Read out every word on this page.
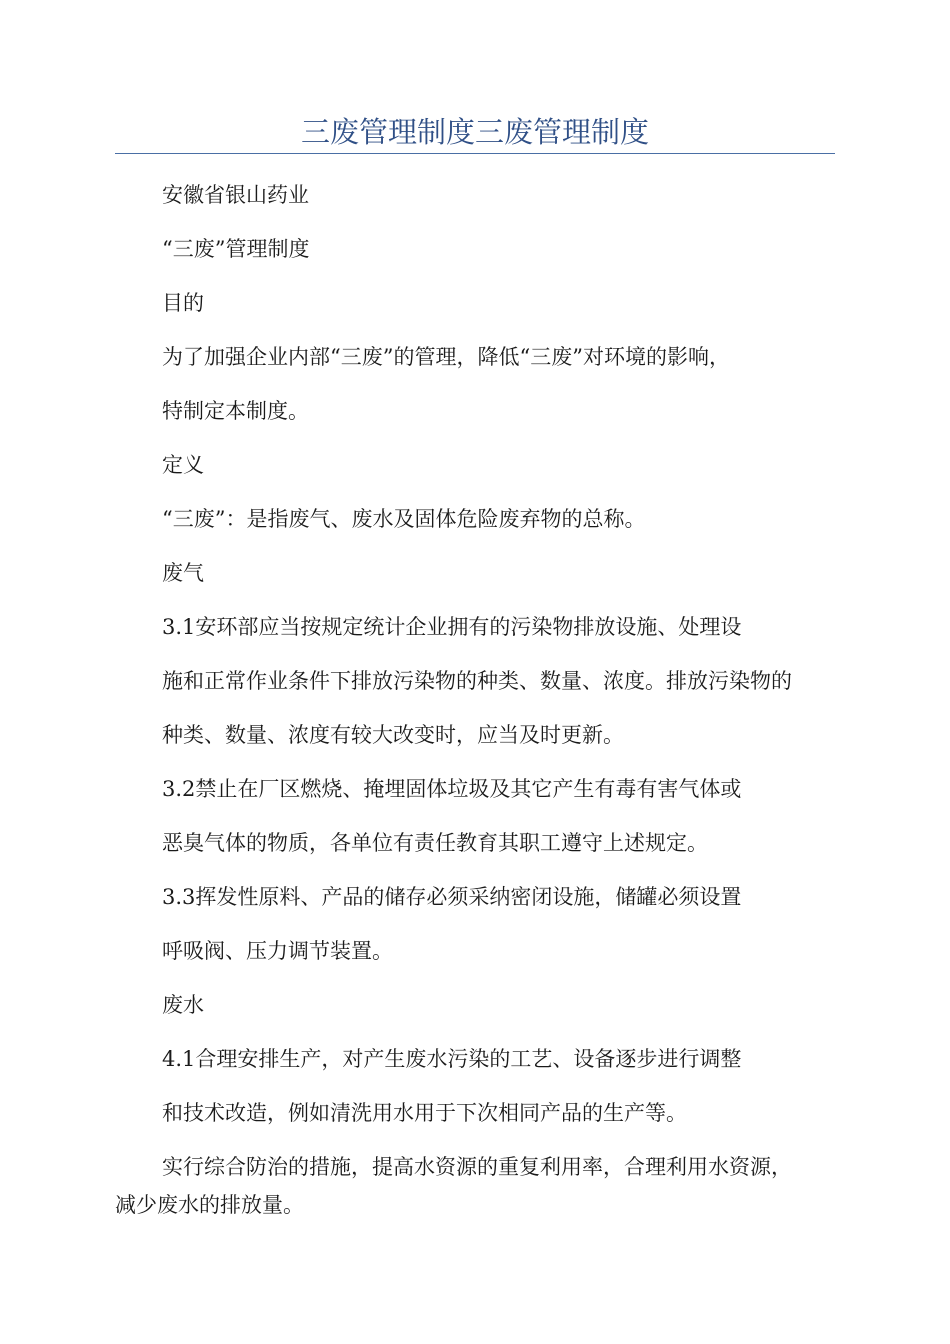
三废管理制度三废管理制度

安徽省银山药业

“三废”管理制度

目的

为了加强企业内部“三废”的管理，降低“三废”对环境的影响，

特制定本制度。

定义

“三废”：是指废气、废水及固体危险废弃物的总称。

废气

3.1安环部应当按规定统计企业拥有的污染物排放设施、处理设

施和正常作业条件下排放污染物的种类、数量、浓度。排放污染物的

种类、数量、浓度有较大改变时，应当及时更新。

3.2禁止在厂区燃烧、掩埋固体垃圾及其它产生有毒有害气体或

恶臭气体的物质，各单位有责任教育其职工遵守上述规定。

3.3挥发性原料、产品的储存必须采纳密闭设施，储罐必须设置

呼吸阀、压力调节装置。

废水

4.1合理安排生产，对产生废水污染的工艺、设备逐步进行调整

和技术改造，例如清洗用水用于下次相同产品的生产等。

实行综合防治的措施，提高水资源的重复利用率，合理利用水资源，

减少废水的排放量。
